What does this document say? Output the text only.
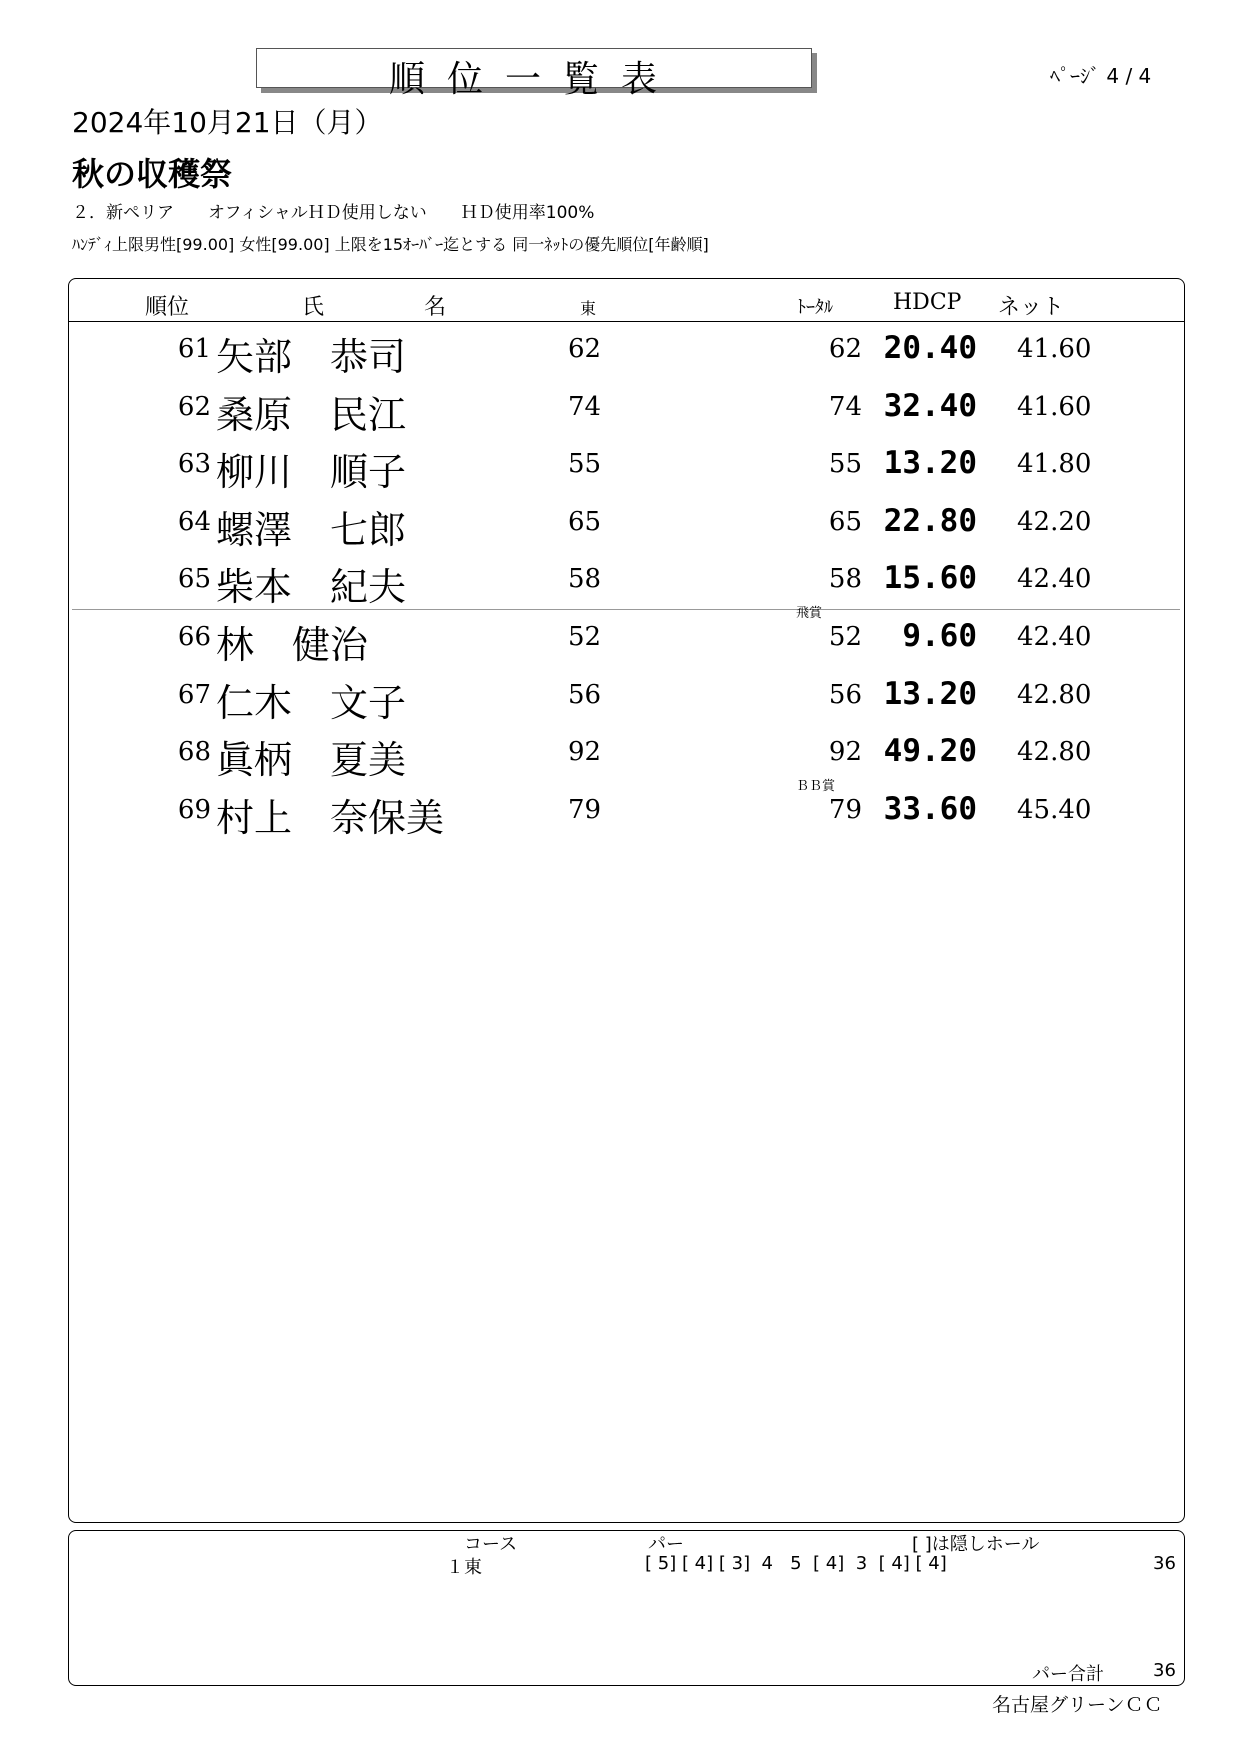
順位一覧表	ﾍﾟｰｼﾞ 4 / 4
2024年10月21日（月）
秋の収穫祭
２．新ペリア　　オフィシャルＨＤ使用しない　　ＨＤ使用率100%
ﾊﾝﾃﾞｨ上限男性[99.00] 女性[99.00] 上限を15ｵｰﾊﾞｰ迄とする 同一ﾈｯﾄの優先順位[年齢順]
順位	氏	名	東	ﾄｰﾀﾙ	HDCP ネット
61 矢部　恭司	62	62 20.40 41.60
62 桑原　民江	74	74 32.40 41.60
63 柳川　順子	55	55 13.20 41.80
64 螺澤　七郎	65	65 22.80 42.20
65 柴本　紀夫	58	58 15.60 42.40
飛賞
66 林　健治	52	52 9.60 42.40
67 仁木　文子	56	56 13.20 42.80
68 眞柄　夏美	92	92 49.20 42.80
ＢＢ賞
69 村上　奈保美	79	79 33.60 45.40
コース	パー	[ ]は隠しホール
１東	[ 5] [ 4] [ 3]  4   5  [ 4]  3  [ 4] [ 4]	36
パー合計	36
名古屋グリーンＣＣ
